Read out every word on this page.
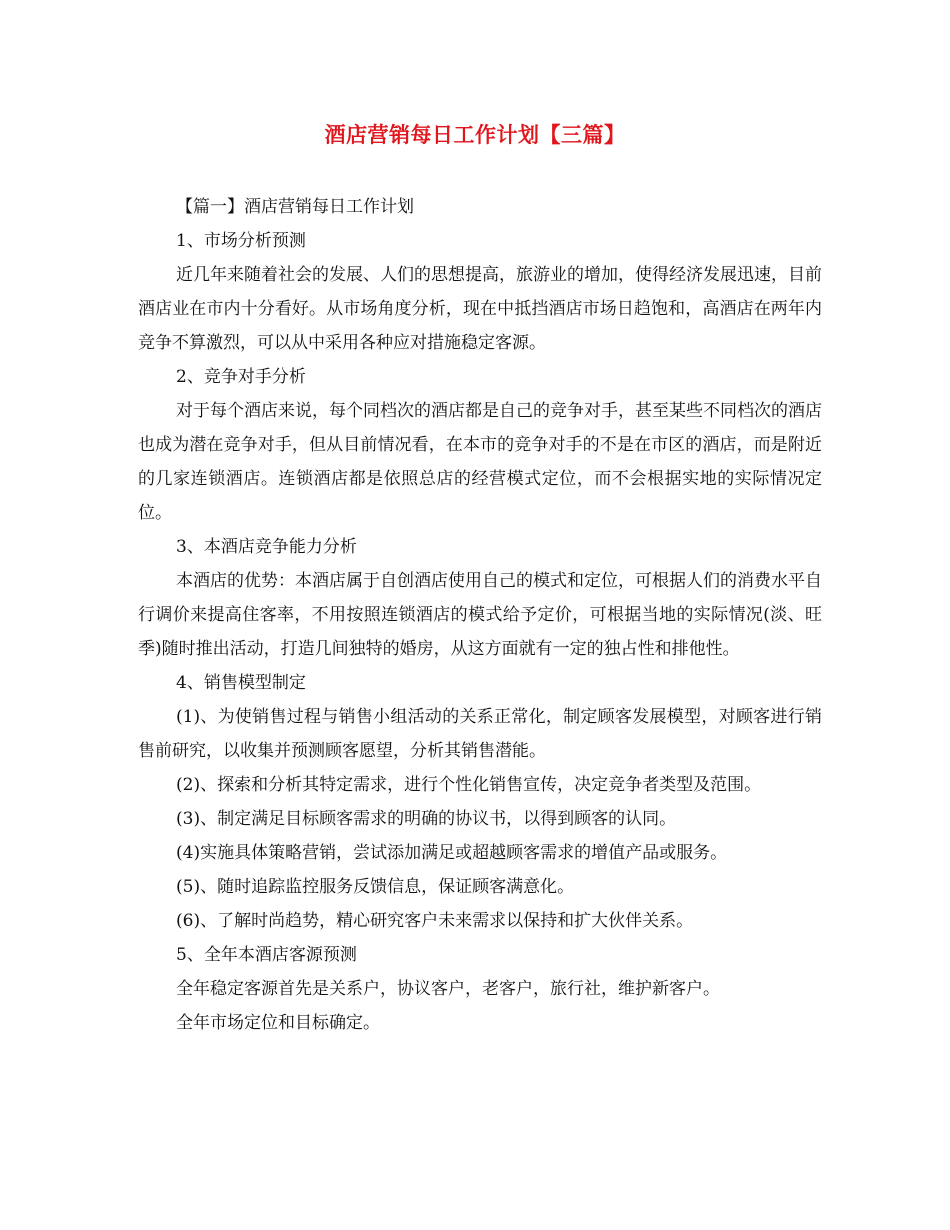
酒店营销每日工作计划【三篇】

【篇一】酒店营销每日工作计划

1、市场分析预测

近几年来随着社会的发展、人们的思想提高，旅游业的增加，使得经济发展迅速，目前酒店业在市内十分看好。从市场角度分析，现在中抵挡酒店市场日趋饱和，高酒店在两年内竞争不算激烈，可以从中采用各种应对措施稳定客源。

2、竞争对手分析

对于每个酒店来说，每个同档次的酒店都是自己的竞争对手，甚至某些不同档次的酒店也成为潜在竞争对手，但从目前情况看，在本市的竞争对手的不是在市区的酒店，而是附近的几家连锁酒店。连锁酒店都是依照总店的经营模式定位，而不会根据实地的实际情况定位。

3、本酒店竞争能力分析

本酒店的优势：本酒店属于自创酒店使用自己的模式和定位，可根据人们的消费水平自行调价来提高住客率，不用按照连锁酒店的模式给予定价，可根据当地的实际情况(淡、旺季)随时推出活动，打造几间独特的婚房，从这方面就有一定的独占性和排他性。

4、销售模型制定

(1)、为使销售过程与销售小组活动的关系正常化，制定顾客发展模型，对顾客进行销售前研究，以收集并预测顾客愿望，分析其销售潜能。

(2)、探索和分析其特定需求，进行个性化销售宣传，决定竞争者类型及范围。

(3)、制定满足目标顾客需求的明确的协议书，以得到顾客的认同。

(4)实施具体策略营销，尝试添加满足或超越顾客需求的增值产品或服务。

(5)、随时追踪监控服务反馈信息，保证顾客满意化。

(6)、了解时尚趋势，精心研究客户未来需求以保持和扩大伙伴关系。

5、全年本酒店客源预测

全年稳定客源首先是关系户，协议客户，老客户，旅行社，维护新客户。

全年市场定位和目标确定。
